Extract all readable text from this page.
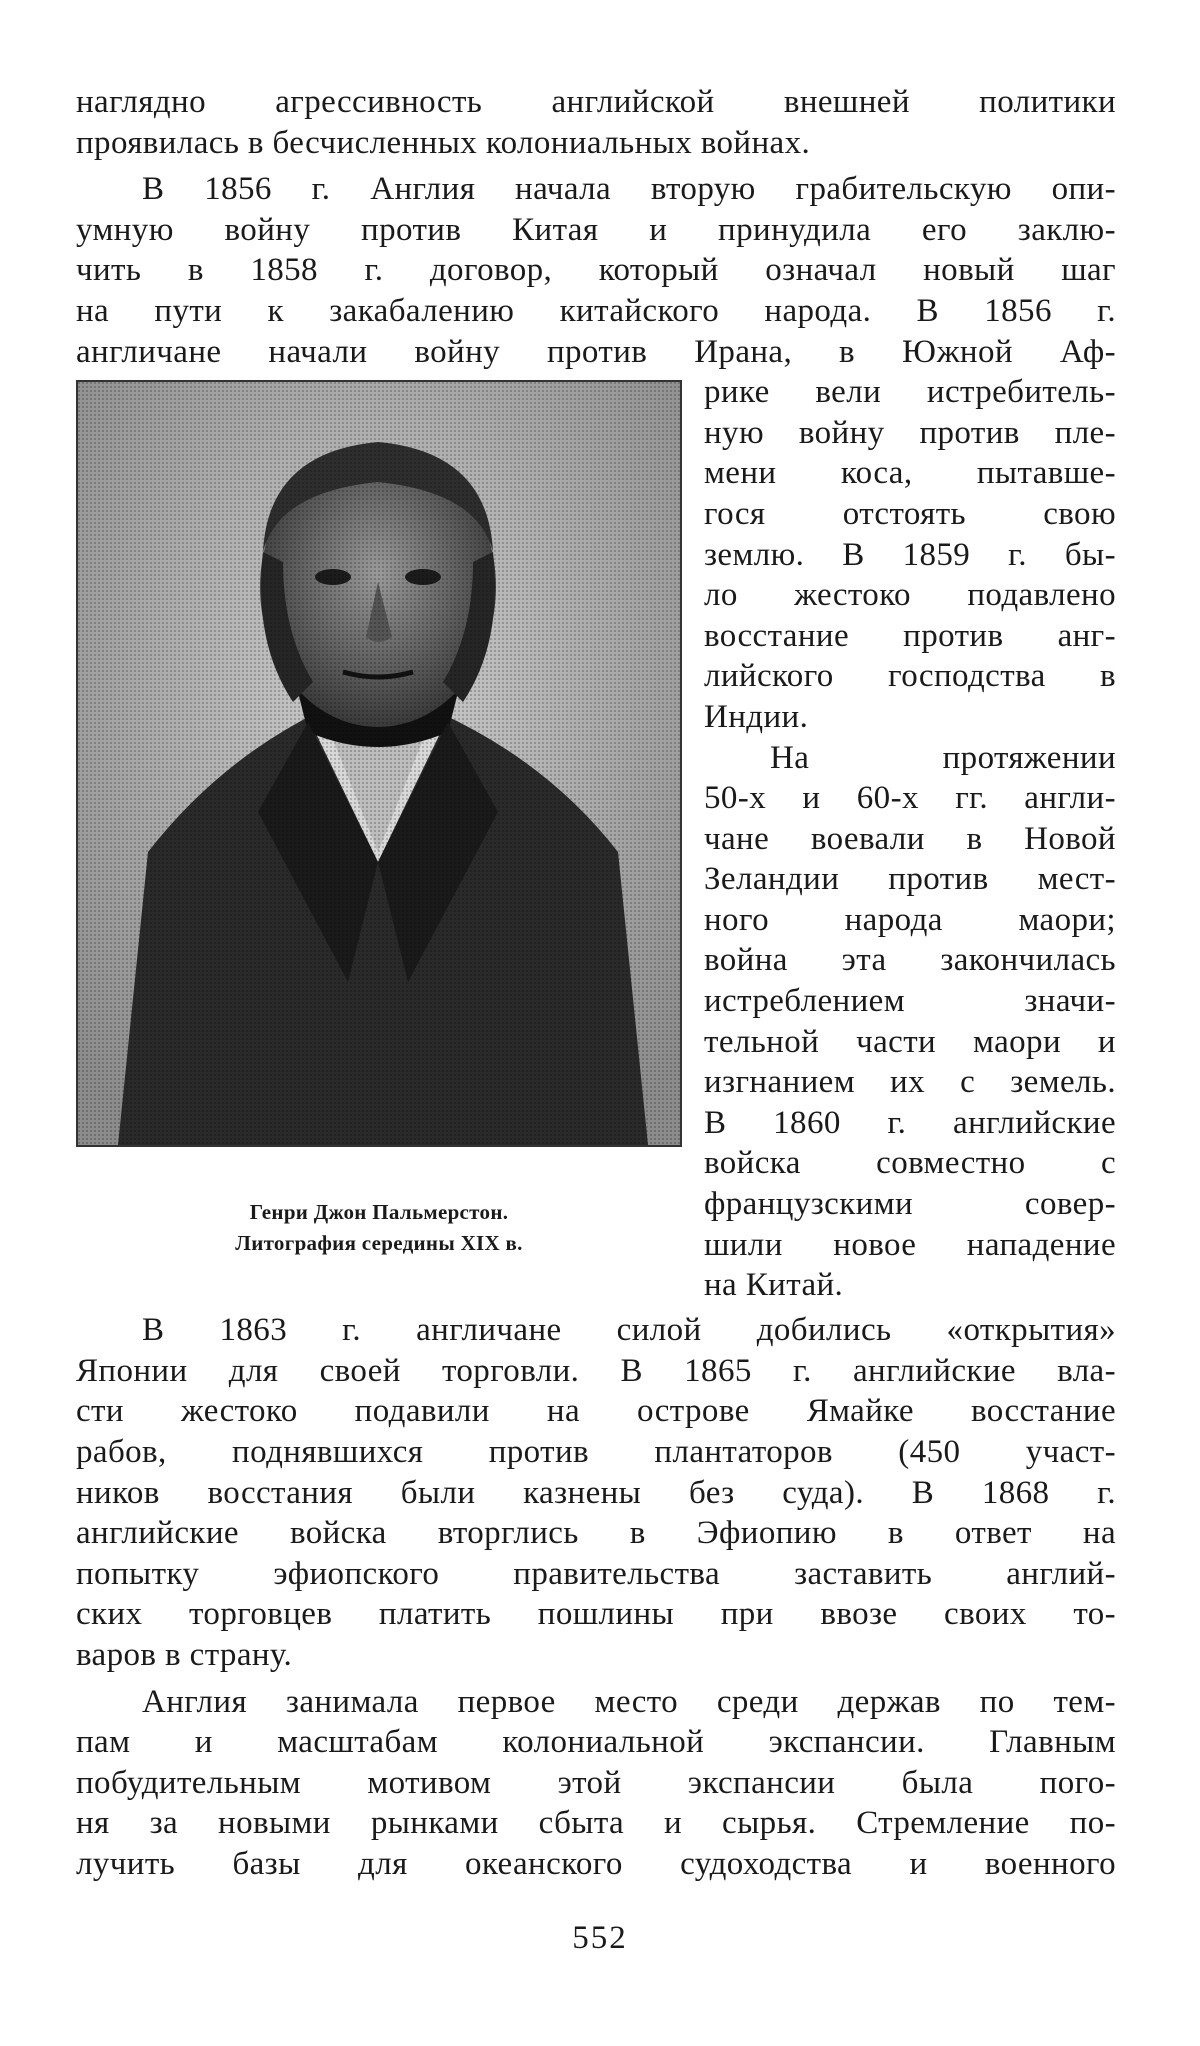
наглядно агрессивность английской внешней политики
проявилась в бесчисленных колониальных войнах.
В 1856 г. Англия начала вторую грабительскую опи-
умную войну против Китая и принудила его заклю-
чить в 1858 г. договор, который означал новый шаг
на пути к закабалению китайского народа. В 1856 г.
англичане начали войну против Ирана, в Южной Аф-
Генри Джон Пальмерстон.
Литография середины XIX в.
рике вели истребитель-
ную войну против пле-
мени коса, пытавше-
гося отстоять свою
землю. В 1859 г. бы-
ло жестоко подавлено
восстание против анг-
лийского господства в
Индии.
На протяжении
50-х и 60-х гг. англи-
чане воевали в Новой
Зеландии против мест-
ного народа маори;
война эта закончилась
истреблением значи-
тельной части маори и
изгнанием их с земель.
В 1860 г. английские
войска совместно с
французскими совер-
шили новое нападение
на Китай.
В 1863 г. англичане силой добились «открытия»
Японии для своей торговли. В 1865 г. английские вла-
сти жестоко подавили на острове Ямайке восстание
рабов, поднявшихся против плантаторов (450 участ-
ников восстания были казнены без суда). В 1868 г.
английские войска вторглись в Эфиопию в ответ на
попытку эфиопского правительства заставить англий-
ских торговцев платить пошлины при ввозе своих то-
варов в страну.
Англия занимала первое место среди держав по тем-
пам и масштабам колониальной экспансии. Главным
побудительным мотивом этой экспансии была пого-
ня за новыми рынками сбыта и сырья. Стремление по-
лучить базы для океанского судоходства и военного
552
